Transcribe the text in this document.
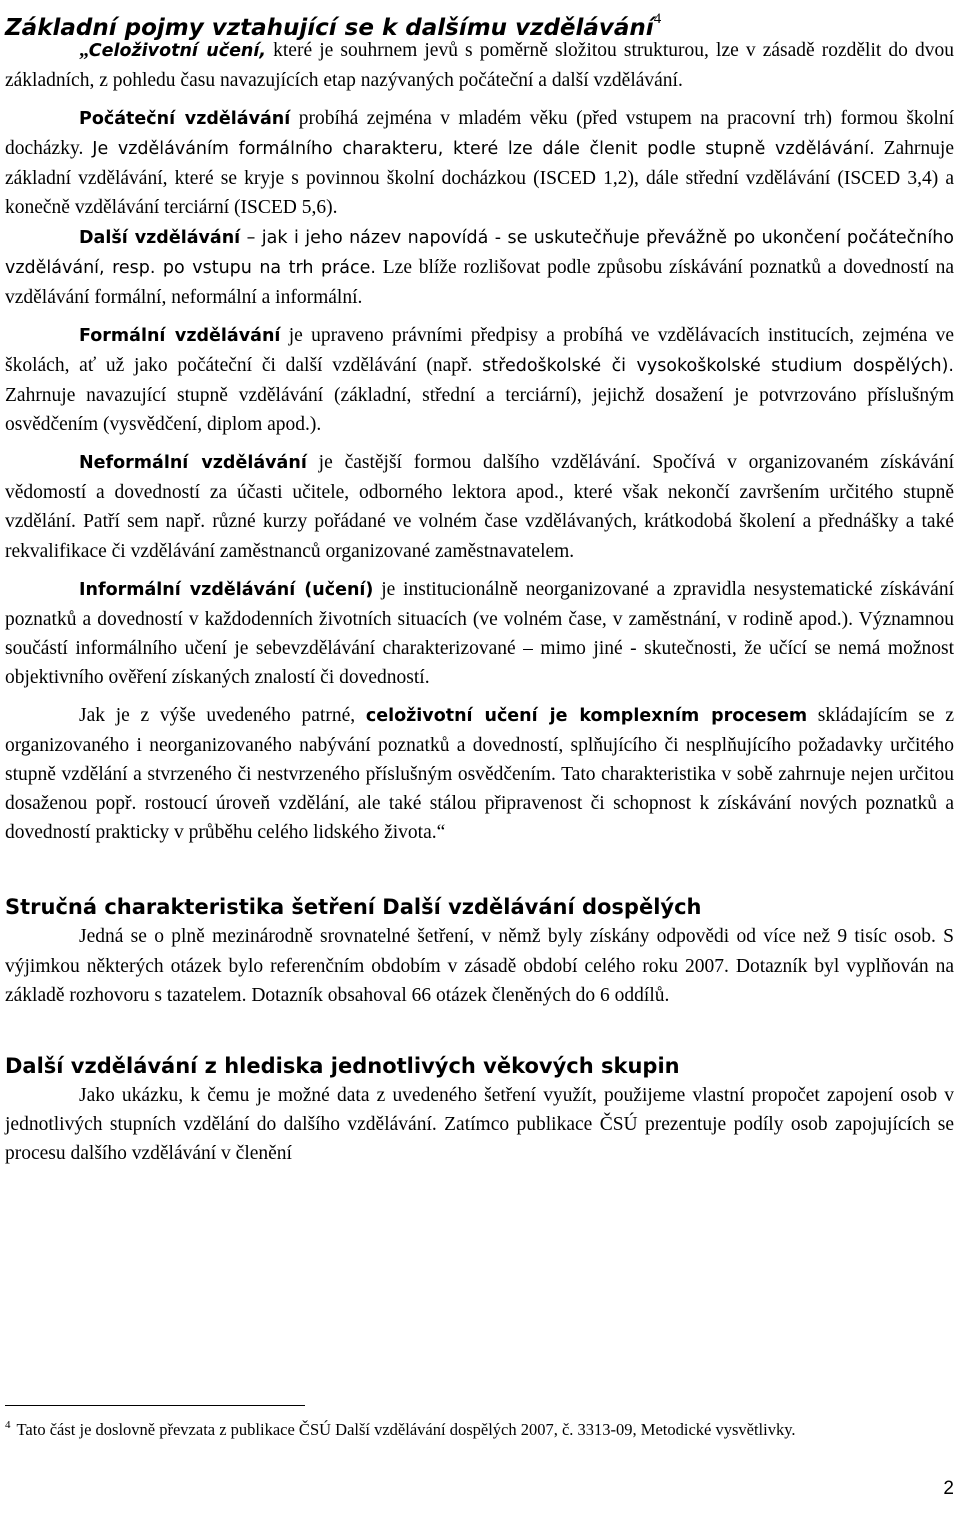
Základní pojmy vztahující se k dalšímu vzdělávání$^4$

„Celoživotní učení, které je souhrnem jevů s poměrně složitou strukturou, lze v zásadě rozdělit do dvou základních, z pohledu času navazujících etap nazývaných počáteční a další vzdělávání.

Počáteční vzdělávání probíhá zejména v mladém věku (před vstupem na pracovní trh) formou školní docházky. Je vzděláváním formálního charakteru, které lze dále členit podle stupně vzdělávání. Zahrnuje základní vzdělávání, které se kryje s povinnou školní docházkou (ISCED 1,2), dále střední vzdělávání (ISCED 3,4) a konečně vzdělávání terciární (ISCED 5,6).

Další vzdělávání – jak i jeho název napovídá - se uskutečňuje převážně po ukončení počátečního vzdělávání, resp. po vstupu na trh práce. Lze blíže rozlišovat podle způsobu získávání poznatků a dovedností na vzdělávání formální, neformální a informální.

Formální vzdělávání je upraveno právními předpisy a probíhá ve vzdělávacích institucích, zejména ve školách, ať už jako počáteční či další vzdělávání (např. středoškolské či vysokoškolské studium dospělých). Zahrnuje navazující stupně vzdělávání (základní, střední a terciární), jejichž dosažení je potvrzováno příslušným osvědčením (vysvědčení, diplom apod.).

Neformální vzdělávání je častější formou dalšího vzdělávání. Spočívá v organizovaném získávání vědomostí a dovedností za účasti učitele, odborného lektora apod., které však nekončí završením určitého stupně vzdělání. Patří sem např. různé kurzy pořádané ve volném čase vzdělávaných, krátkodobá školení a přednášky a také rekvalifikace či vzdělávání zaměstnanců organizované zaměstnavatelem.

Informální vzdělávání (učení) je institucionálně neorganizované a zpravidla nesystematické získávání poznatků a dovedností v každodenních životních situacích (ve volném čase, v zaměstnání, v rodině apod.). Významnou součástí informálního učení je sebevzdělávání charakterizované – mimo jiné - skutečnosti, že učící se nemá možnost objektivního ověření získaných znalostí či dovedností.

Jak je z výše uvedeného patrné, celoživotní učení je komplexním procesem skládajícím se z organizovaného i neorganizovaného nabývání poznatků a dovedností, splňujícího či nesplňujícího požadavky určitého stupně vzdělání a stvrzeného či nestvrzeného příslušným osvědčením. Tato charakteristika v sobě zahrnuje nejen určitou dosaženou popř. rostoucí úroveň vzdělání, ale také stálou připravenost či schopnost k získávání nových poznatků a dovedností prakticky v průběhu celého lidského života.“

Stručná charakteristika šetření Další vzdělávání dospělých

Jedná se o plně mezinárodně srovnatelné šetření, v němž byly získány odpovědi od více než 9 tisíc osob. S výjimkou některých otázek bylo referenčním obdobím v zásadě období celého roku 2007. Dotazník byl vyplňován na základě rozhovoru s tazatelem. Dotazník obsahoval 66 otázek členěných do 6 oddílů.

Další vzdělávání z hlediska jednotlivých věkových skupin

Jako ukázku, k čemu je možné data z uvedeného šetření využít, použijeme vlastní propočet zapojení osob v jednotlivých stupních vzdělání do dalšího vzdělávání. Zatímco publikace ČSÚ prezentuje podíly osob zapojujících se procesu dalšího vzdělávání v členění

$^4$ Tato část je doslovně převzata z publikace ČSÚ Další vzdělávání dospělých 2007, č. 3313-09, Metodické vysvětlivky.
2
